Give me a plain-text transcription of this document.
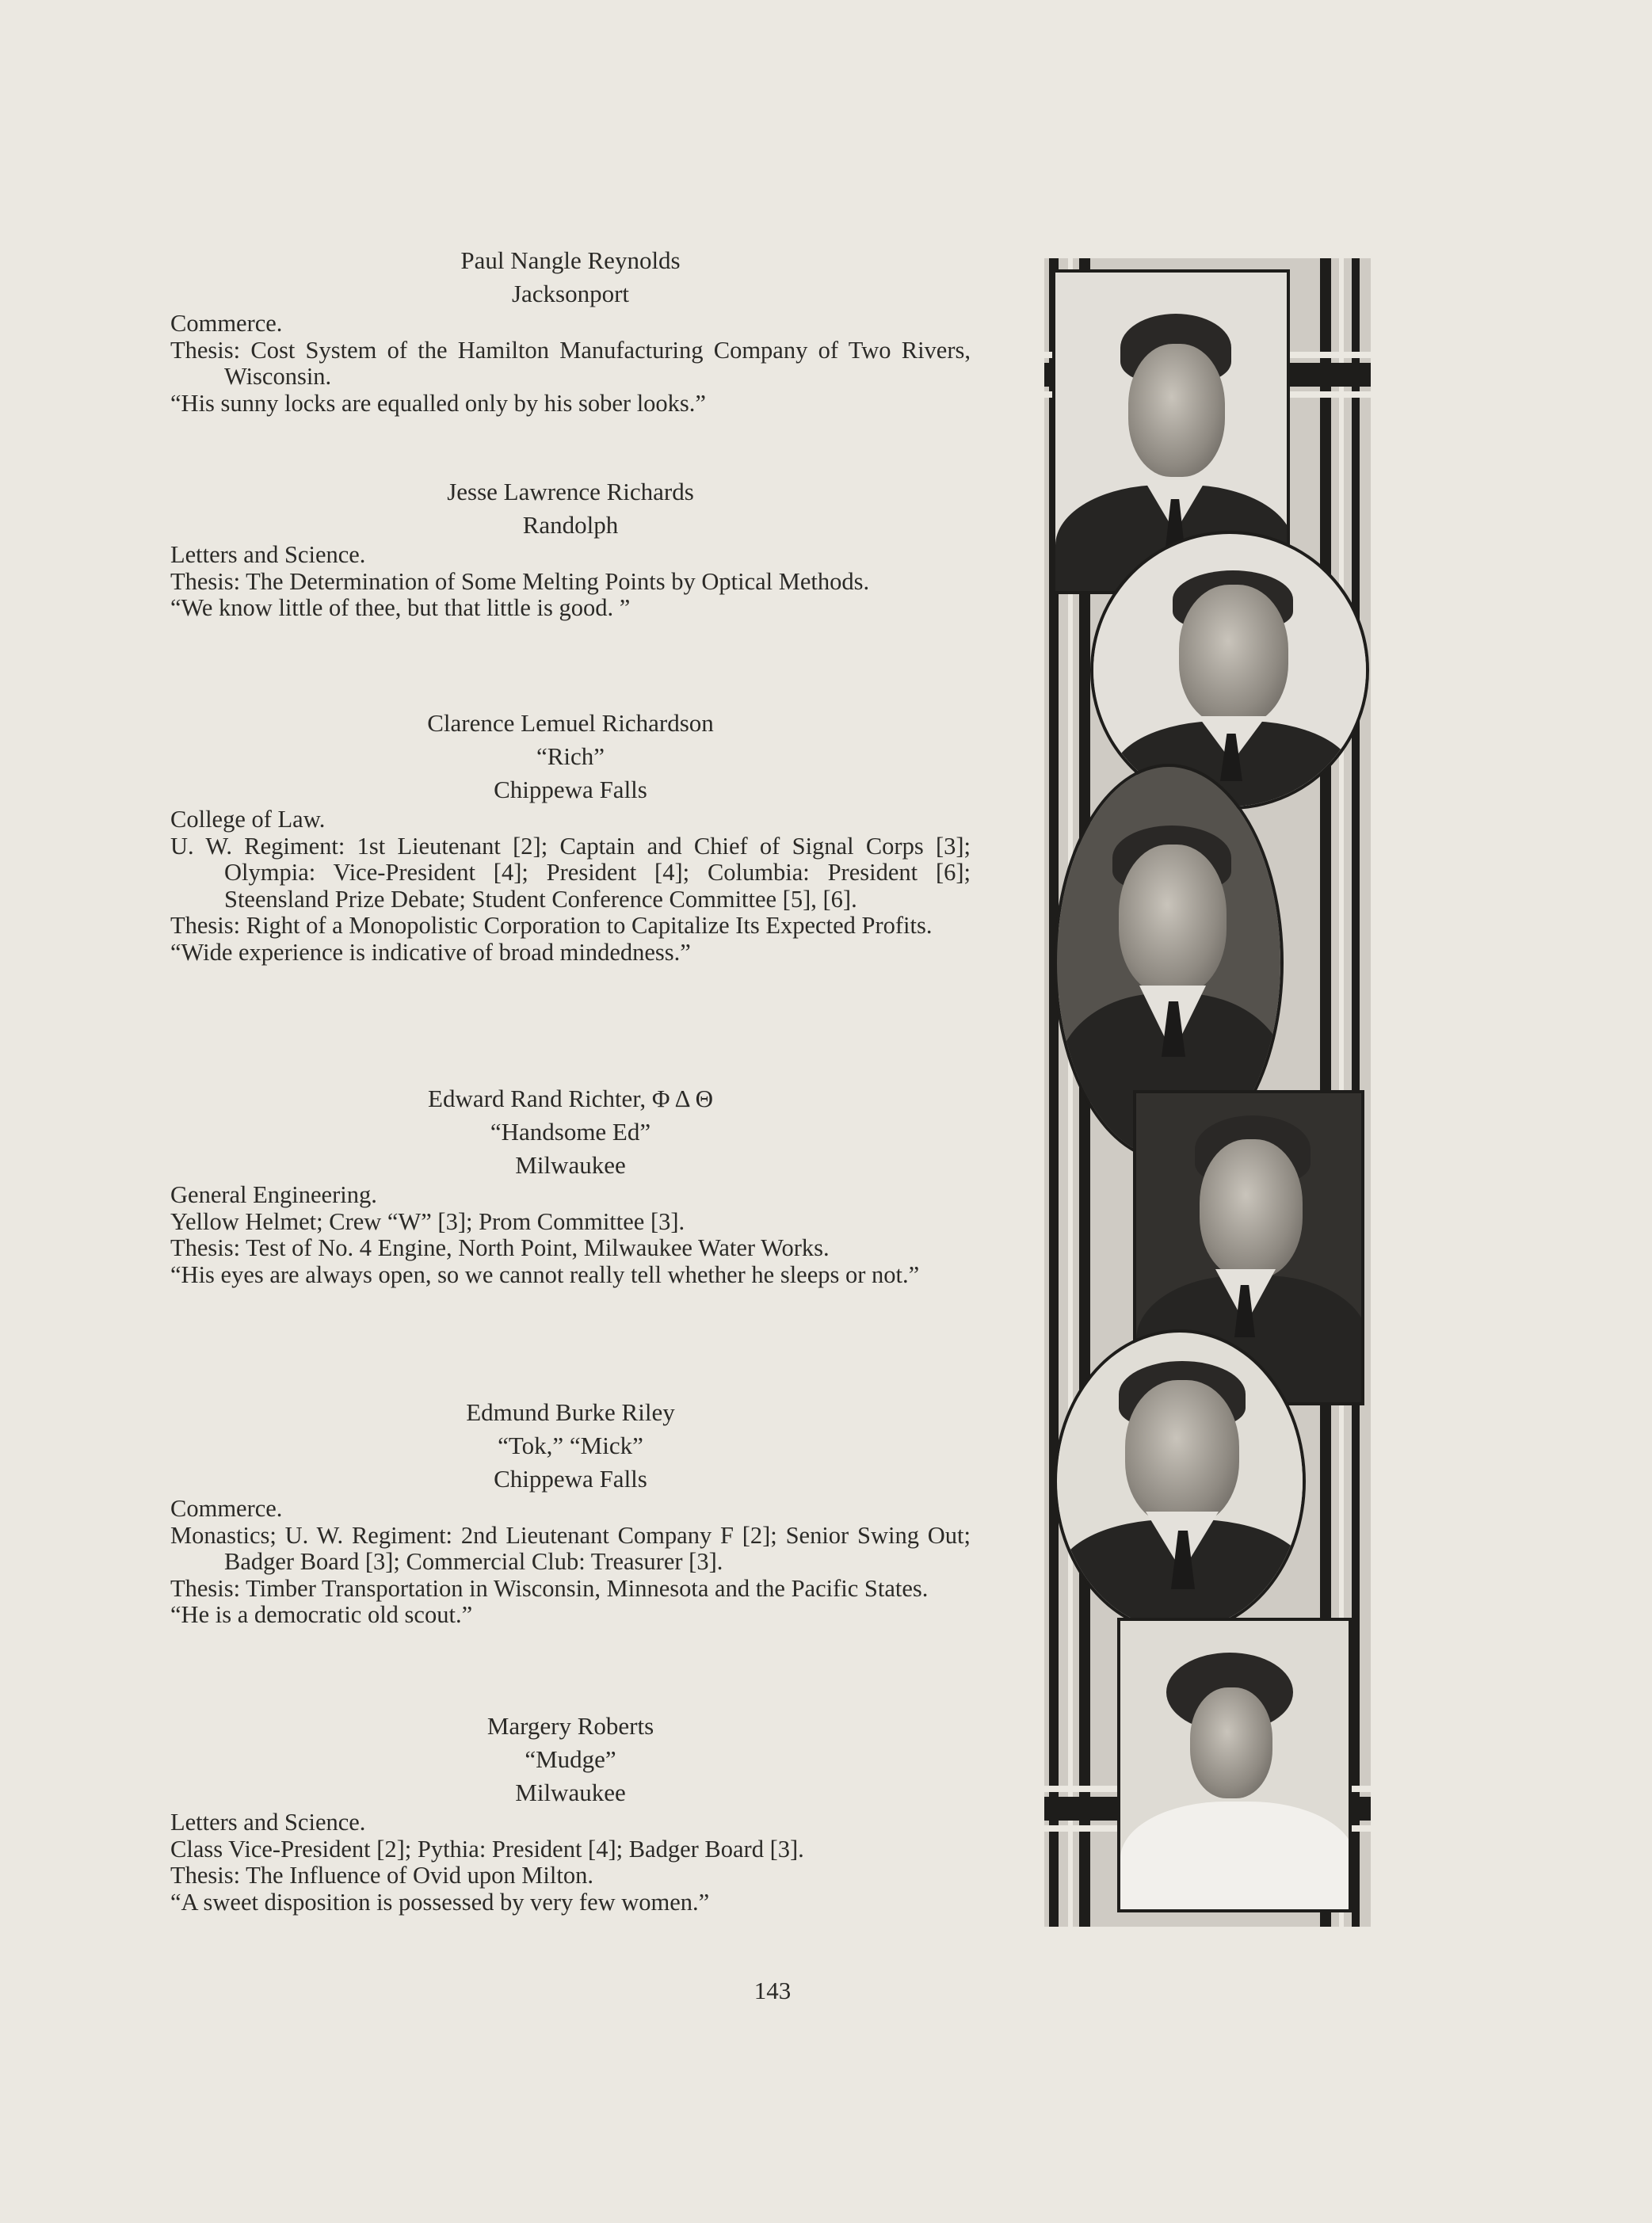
Paul Nangle Reynolds
Jacksonport
Commerce.
Thesis: Cost System of the Hamilton Manufacturing Company of Two Rivers, Wisconsin.
“His sunny locks are equalled only by his sober looks.”
Jesse Lawrence Richards
Randolph
Letters and Science.
Thesis: The Determination of Some Melting Points by Optical Methods.
“We know little of thee, but that little is good. ”
Clarence Lemuel Richardson
“Rich”
Chippewa Falls
College of Law.
U. W. Regiment: 1st Lieutenant [2]; Captain and Chief of Signal Corps [3]; Olympia: Vice-President [4]; President [4]; Columbia: President [6]; Steensland Prize Debate; Student Conference Committee [5], [6].
Thesis: Right of a Monopolistic Corporation to Capitalize Its Expected Profits.
“Wide experience is indicative of broad mindedness.”
Edward Rand Richter, Φ Δ Θ
“Handsome Ed”
Milwaukee
General Engineering.
Yellow Helmet; Crew “W” [3]; Prom Committee [3].
Thesis: Test of No. 4 Engine, North Point, Milwaukee Water Works.
“His eyes are always open, so we cannot really tell whether he sleeps or not.”
Edmund Burke Riley
“Tok,” “Mick”
Chippewa Falls
Commerce.
Monastics; U. W. Regiment: 2nd Lieutenant Company F [2]; Senior Swing Out; Badger Board [3]; Commercial Club: Treasurer [3].
Thesis: Timber Transportation in Wisconsin, Minnesota and the Pacific States.
“He is a democratic old scout.”
Margery Roberts
“Mudge”
Milwaukee
Letters and Science.
Class Vice-President [2]; Pythia: President [4]; Badger Board [3].
Thesis: The Influence of Ovid upon Milton.
“A sweet disposition is possessed by very few women.”
143
